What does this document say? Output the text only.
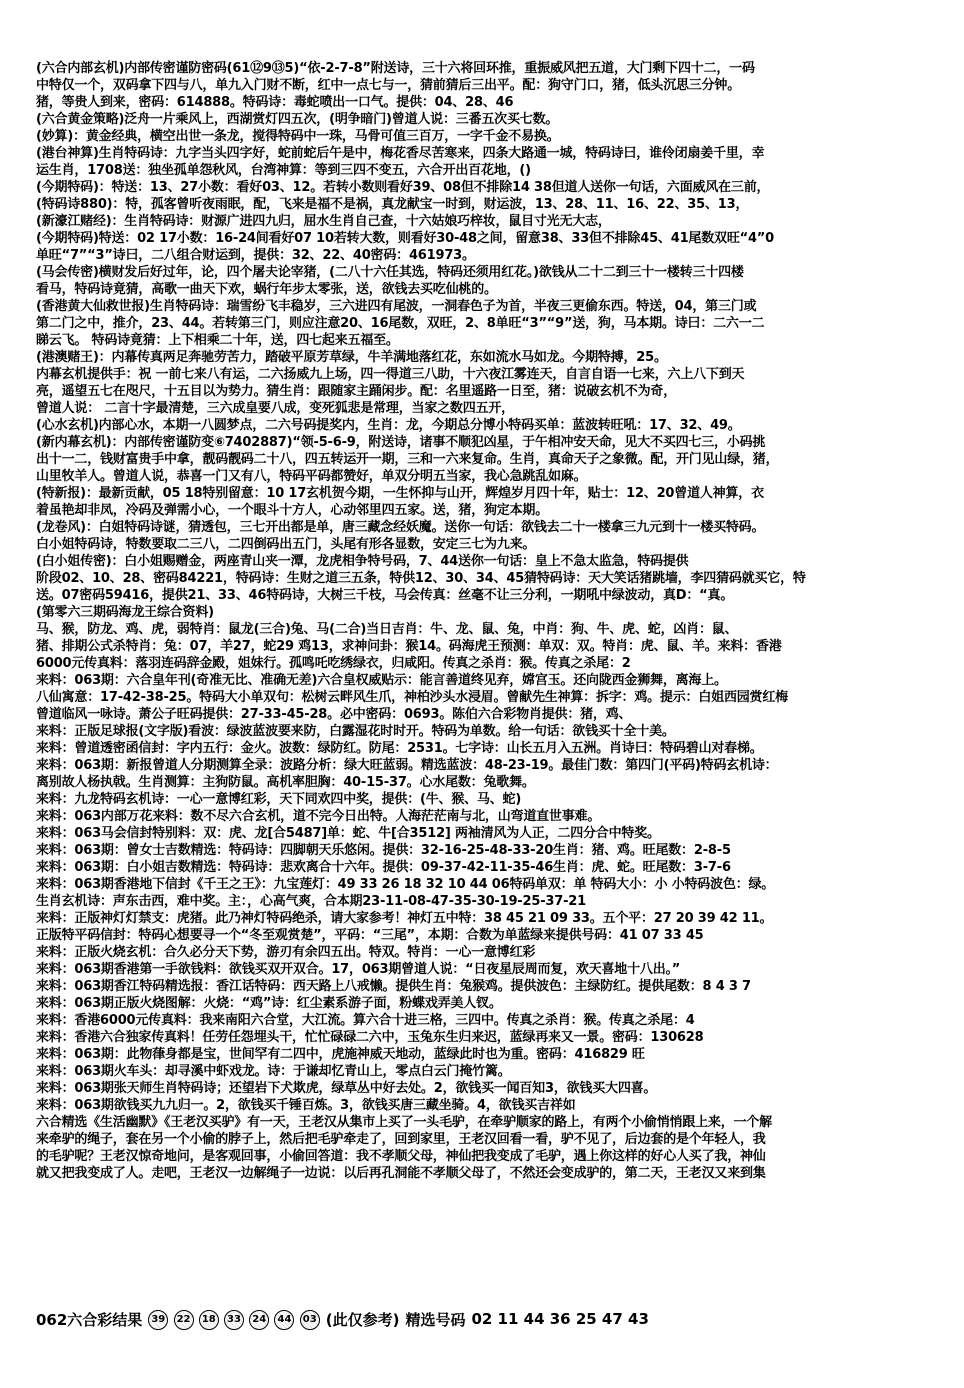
(六合内部玄机)内部传密谨防密码(61⑫9⑬5)“依-2-7-8”附送诗，三十六将回环推，重振威风把五道，大门剩下四十二，一码
中特仅一个，双码拿下四与八，单九入门财不断，红中一点七与一，猜前猜后三出平。配：狗守门口，猪，低头沉思三分钟。
猪，等贵人到来，密码：614888。特码诗：毒蛇喷出一口气。提供：04、28、46
(六合黄金策略)泛舟一片乘风上，西湖赏灯四五次，(明争暗门)曾道人说：三番五次买七数。
(妙算)：黄金经典，横空出世一条龙，搅得特码中一珠，马骨可值三百万，一字千金不易换。
(港台神算)生肖特码诗：九字当头四字好，蛇前蛇后午是中，梅花香尽苦寒来，四条大路通一城，特码诗曰，谁伶闭扇姜千里，幸
运生肖，1708送：独坐孤单怨秋风，台湾神算：等到三四不变五，六合开出百花地，()
(今期特码)：特送：13、27小数：看好03、12。若转小数则看好39、08但不排除14 38但道人送你一句话，六面威风在三前，
(特码诗880)：特，孤客曾听夜雨眠，配，飞来是福不是祸，真龙献宝一时到，财运波，13、28、11、16、22、35、13，
(新濠江赌经)：生肖特码诗：财源广进四九归，屈水生肖自己查，十六姑娘巧梓妆，鼠目寸光无大志，
(今期特码)特送：02 17小数：16-24间看好07 10若转大数，则看好30-48之间，留意38、33但不排除45、41尾数双旺“4”0
单旺“7”“3”诗曰，二八组合财运到，提供：32、22、40密码：461973。
(马会传密)横财发后好过年，论，四个屠夫论宰猪，(二八十六任其选，特码还须用红花。)欲钱从二十二到三十一楼转三十四楼
看马，特码诗竟猜，高歌一曲天下欢，蜗行年步太零张，送，欲钱去买吃仙桃的。
(香港黄大仙救世报)生肖特码诗：瑞雪纷飞丰稳岁，三六进四有尾波，一洞春色子为首，半夜三更偷东西。特送，04，第三门或
第二门之中，推介，23、44。若转第三门，则应注意20、16尾数，双旺，2、8单旺“3”“9”送，狗，马本期。诗曰：二六一二
睇云飞。 特码诗竟猜：上下相乘二十年，送，四七起来五福至。
(港澳赌王)：内幕传真两足奔驰劳苦力，踏破平原芳草绿，牛羊满地落红花，东如流水马如龙。今期特搏，25。
内幕玄机提供手：祝 一前七来八有运，二六扬威九上场，四一得道三八助，十六夜江雾连天，自言自语一七来，六上八下到天
亮，遥望五七在咫尺，十五目以为势力。猜生肖：跟随家主踊闲步。配：名里遥路一日至，猪：说破玄机不为奇，
曾道人说： 二言十字最清楚，三六成皇要八成，变死狐悲是常理，当家之数四五开，
(心水玄机)内部心水，本期一八圆梦点，二六号码提奖内，生肖：龙，今期总分博小特码买单：蓝波转旺吼：17、32、49。
(新内幕玄机)：内部传密谨防变⑥7402887)“领-5-6-9，附送诗，诸事不顺犯凶星，于午相冲安天命，见大不买四七三，小码挑
出十一二，钱财富贵手中拿，靓码靓码二十八，四五转运开一期，三和一六来复命。生肖，真命天子之象微。配，开门见山绿，猪，
山里牧羊人。曾道人说，恭喜一门又有八，特码平码都赞好，单双分明五当家，我心急跳乱如麻。
(特新报)：最新贡献，05 18特别留意：10 17玄机贺今期，一生怀抑与山开，辉煌岁月四十年，贴士：12、20曾道人神算，衣
着虽艳却非凤，冷码及弹需小心，一个眼斗十方人，心动邻里四五家。送，猪，狗定本期。
(龙卷风)：白姐特码诗谜，猜透包，三七开出都是单，唐三藏念经妖魔。送你一句话：欲钱去二十一楼拿三九元到十一楼买特码。
白小姐特码诗，特数要取二三八，二四倒码出五门，头尾有形各显数，安定三七为九来。
(白小姐传密)：白小姐赐赠金，两座青山夹一潭，龙虎相争特号码，7、44送你一句话：皇上不急太监急，特码提供
阶段02、10、28、密码84221，特码诗：生财之道三五条，特供12、30、34、45猜特码诗：天大笑话猪跳墙，李四猜码就买它，特
送。07密码59416，提供21、33、46特码诗，大树三千枝，马会传真：丝毫不让三分利，一期吼中绿波动，真D：“真。
(第零六三期码海龙王综合资料)
马、猴，防龙、鸡、虎，弱特肖：鼠龙(三合)兔、马(二合)当日吉肖：牛、龙、鼠、兔，中肖：狗、牛、虎、蛇，凶肖：鼠、
猪、排期公式杀特肖：兔：07，羊27，蛇29 鸡13，求神问卦：猴14。码海虎王预测：单双：双。特肖：虎、鼠、羊。来料：香港
6000元传真料：落羽连码辞金殿，姐妹行。孤鸣吒吃绣绿衣，归咸阳。传真之杀肖：猴。传真之杀尾：2
来料：063期：六合皇年刊(奇准无比、准确无差)六合皇权威贴示：能言善道终见弃，嫦宫玉。还向陇西金狮舞，离海上。
八仙寓意：17-42-38-25。特码大小单双句：松树云畔风生爪，神柏沙头水浸眉。曾献先生神算：拆字：鸡。提示：白姐西园赏红梅
曾道临风一咏诗。萧公子旺码提供：27-33-45-28。必中密码：0693。陈伯六合彩物肖提供：猪，鸡、
来料：正版足球报(文字版)看波：绿波蓝波要来防，白露湿花时时开。特码为单数。给一句话：欲钱买十全十美。
来料：曾道透密函信封：字内五行：金火。波数：绿防红。防尾：2531。七字诗：山长五月入五洲。肖诗曰：特码碧山对春梯。
来料：063期：新报曾道人分期测算全录：波路分析：绿大旺蓝弱。精选蓝波：48-23-19。最佳门数：第四门(平码)特码玄机诗：
离别故人杨执戟。生肖测算：主狗防鼠。高机率胆胸：40-15-37。心水尾数：兔歌舞。
来料：九龙特码玄机诗：一心一意博红彩，天下同欢四中奖，提供：(牛、猴、马、蛇)
来料：063内部万花来料：数不尽六合玄机，道不完今日出特。人海茫茫南与北，山弯道直世事难。
来料：063马会信封特别料：双：虎、龙[合5487]单：蛇、牛[合3512] 两袖清风为人正，二四分合中特奖。
来料：063期：曾女士吉数精选：特码诗：四脚朝天乐悠闲。提供：32-16-25-48-33-20生肖：猪、鸡。旺尾数：2-8-5
来料：063期：白小姐吉数精选：特码诗：悲欢离合十六年。提供：09-37-42-11-35-46生肖：虎、蛇。旺尾数：3-7-6
来料：063期香港地下信封《千王之王》：九宝莲灯：49 33 26 18 32 10 44 06特码单双：单 特码大小：小 小特码波色：绿。
生肖玄机诗：声东击西，难中奖。主：，心高气爽，合本期23-11-08-47-35-30-19-25-37-21
来料：正版神灯灯禁支：虎猪。此乃神灯特码绝杀，请大家参考！神灯五中特：38 45 21 09 33。五个平：27 20 39 42 11。
正版特平码信封：特码心想要寻一个“冬至观赏楚”，平码：“三尾”，本期：合数为单蓝绿来提供号码：41 07 33 45
来料：正版火烧玄机：合久必分天下势，游刃有余四五出。特双。特肖：一心一意博红彩
来料：063期香港第一手欲钱料：欲钱买双开双合。17，063期曾道人说：“日夜星辰周而复，欢天喜地十八出。”
来料：063期香江特码精选报：香江话特码：西天路上八戒懒。提供生肖：兔猴鸡。提供波色：主绿防红。提供尾数：8 4 3 7
来料：063期正版火烧图解：火烧：“鸡”诗：红尘素系游子面，粉蝶戏弄美人钗。
来料：香港6000元传真料：我来南阳六合堂，大江流。算六合十进三格，三四中。传真之杀肖：猴。传真之杀尾：4
来料：香港六合独家传真料！任劳任怨埋头干，忙忙碌碌二六中，玉兔东生归来迟，蓝绿再来又一景。密码：130628
来料：063期：此物葎身都是宝，世间罕有二四中，虎施神威天地动，蓝绿此时也为重。密码：416829 旺
来料：063期火车头：却寻溪中虾戏龙。诗：于谦却忆青山上，零点白云门掩竹篱。
来料：063期张天师生肖特码诗；还望岩下犬欺虎，绿草丛中好去处。2，欲钱买一闻百知3，欲钱买大四喜。
来料：063期欲钱买九九归一。2，欲钱买千锤百炼。3，欲钱买唐三藏坐骑。4，欲钱买吉祥如
六合精选《生活幽默》《王老汉买驴》有一天，王老汉从集市上买了一头毛驴，在牵驴顺家的路上，有两个小偷悄悄跟上来，一个解
来牵驴的绳子，套在另一个小偷的脖子上，然后把毛驴牵走了，回到家里，王老汉回看一看，驴不见了，后边套的是个年轻人，我
的毛驴呢？王老汉惊奇地问，是客观回事，小偷回答道：我不孝顺父母，神仙把我变成了毛驴，遇上你这样的好心人买了我，神仙
就又把我变成了人。走吧，王老汉一边解绳子一边说：以后再孔洞能不孝顺父母了，不然还会变成驴的，第二天，王老汉又来到集
062六合彩结果 39 22 18 33 24 44 03 (此仅参考) 精选号码 02 11 44 36 25 47 43
